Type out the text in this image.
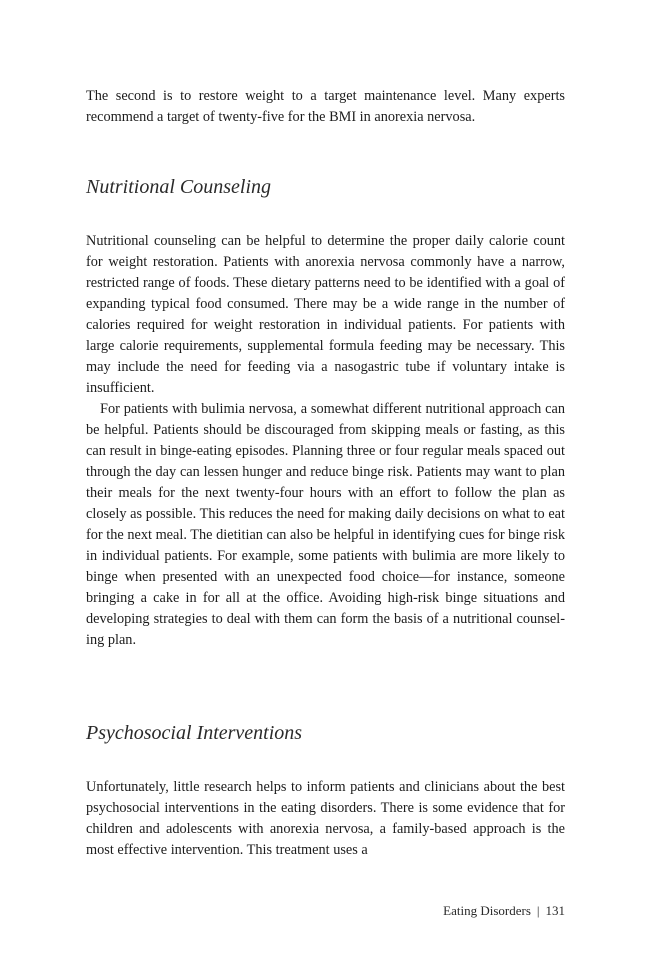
The second is to restore weight to a target maintenance level. Many experts recommend a target of twenty-five for the BMI in anorexia nervosa.

Nutritional Counseling

Nutritional counseling can be helpful to determine the proper daily calorie count for weight restoration. Patients with anorexia nervosa commonly have a narrow, restricted range of foods. These dietary patterns need to be identified with a goal of expanding typical food consumed. There may be a wide range in the number of calories required for weight restoration in individual patients. For patients with large calorie requirements, supplemental formula feeding may be necessary. This may include the need for feeding via a nasogastric tube if voluntary intake is insufficient.

For patients with bulimia nervosa, a somewhat different nutritional approach can be helpful. Patients should be discouraged from skipping meals or fasting, as this can result in binge-eating episodes. Planning three or four regular meals spaced out through the day can lessen hunger and reduce binge risk. Patients may want to plan their meals for the next twenty-four hours with an effort to follow the plan as closely as possible. This reduces the need for making daily decisions on what to eat for the next meal. The dietitian can also be helpful in identifying cues for binge risk in individual patients. For example, some patients with bulimia are more likely to binge when presented with an unexpected food choice—for instance, someone bringing a cake in for all at the office. Avoiding high-risk binge situations and developing strategies to deal with them can form the basis of a nutritional counseling plan.

Psychosocial Interventions

Unfortunately, little research helps to inform patients and clinicians about the best psychosocial interventions in the eating disorders. There is some evidence that for children and adolescents with anorexia nervosa, a family-based approach is the most effective intervention. This treatment uses a

Eating Disorders | 131
